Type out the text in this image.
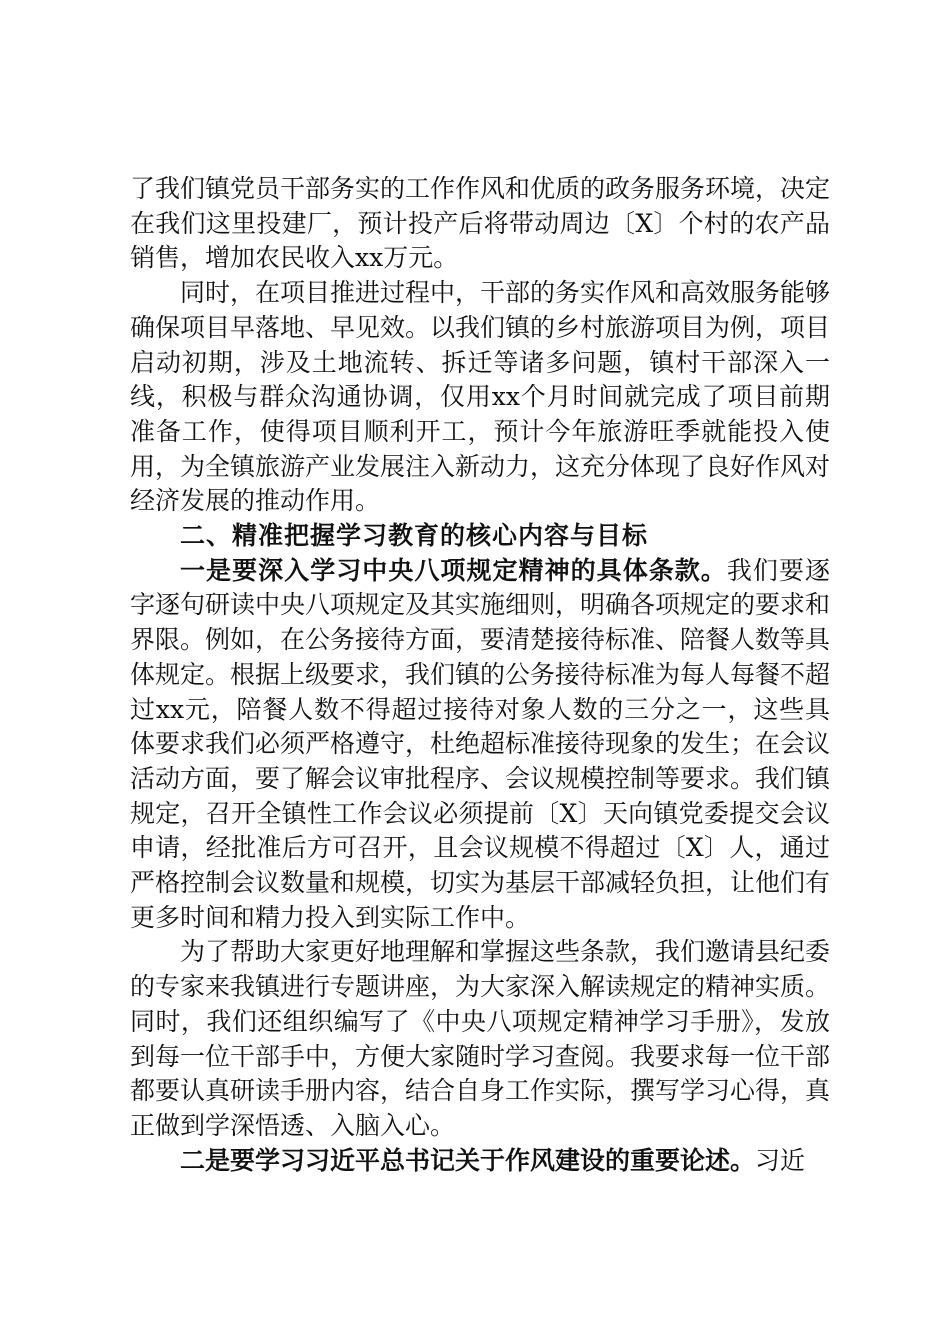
了我们镇党员干部务实的工作作风和优质的政务服务环境，决定在我们这里投建厂，预计投产后将带动周边〔X〕个村的农产品销售，增加农民收入xx万元。

同时，在项目推进过程中，干部的务实作风和高效服务能够确保项目早落地、早见效。以我们镇的乡村旅游项目为例，项目启动初期，涉及土地流转、拆迁等诸多问题，镇村干部深入一线，积极与群众沟通协调，仅用xx个月时间就完成了项目前期准备工作，使得项目顺利开工，预计今年旅游旺季就能投入使用，为全镇旅游产业发展注入新动力，这充分体现了良好作风对经济发展的推动作用。

二、精准把握学习教育的核心内容与目标

一是要深入学习中央八项规定精神的具体条款。我们要逐字逐句研读中央八项规定及其实施细则，明确各项规定的要求和界限。例如，在公务接待方面，要清楚接待标准、陪餐人数等具体规定。根据上级要求，我们镇的公务接待标准为每人每餐不超过xx元，陪餐人数不得超过接待对象人数的三分之一，这些具体要求我们必须严格遵守，杜绝超标准接待现象的发生；在会议活动方面，要了解会议审批程序、会议规模控制等要求。我们镇规定，召开全镇性工作会议必须提前〔X〕天向镇党委提交会议申请，经批准后方可召开，且会议规模不得超过〔X〕人，通过严格控制会议数量和规模，切实为基层干部减轻负担，让他们有更多时间和精力投入到实际工作中。

为了帮助大家更好地理解和掌握这些条款，我们邀请县纪委的专家来我镇进行专题讲座，为大家深入解读规定的精神实质。同时，我们还组织编写了《中央八项规定精神学习手册》，发放到每一位干部手中，方便大家随时学习查阅。我要求每一位干部都要认真研读手册内容，结合自身工作实际，撰写学习心得，真正做到学深悟透、入脑入心。

二是要学习习近平总书记关于作风建设的重要论述。习近
